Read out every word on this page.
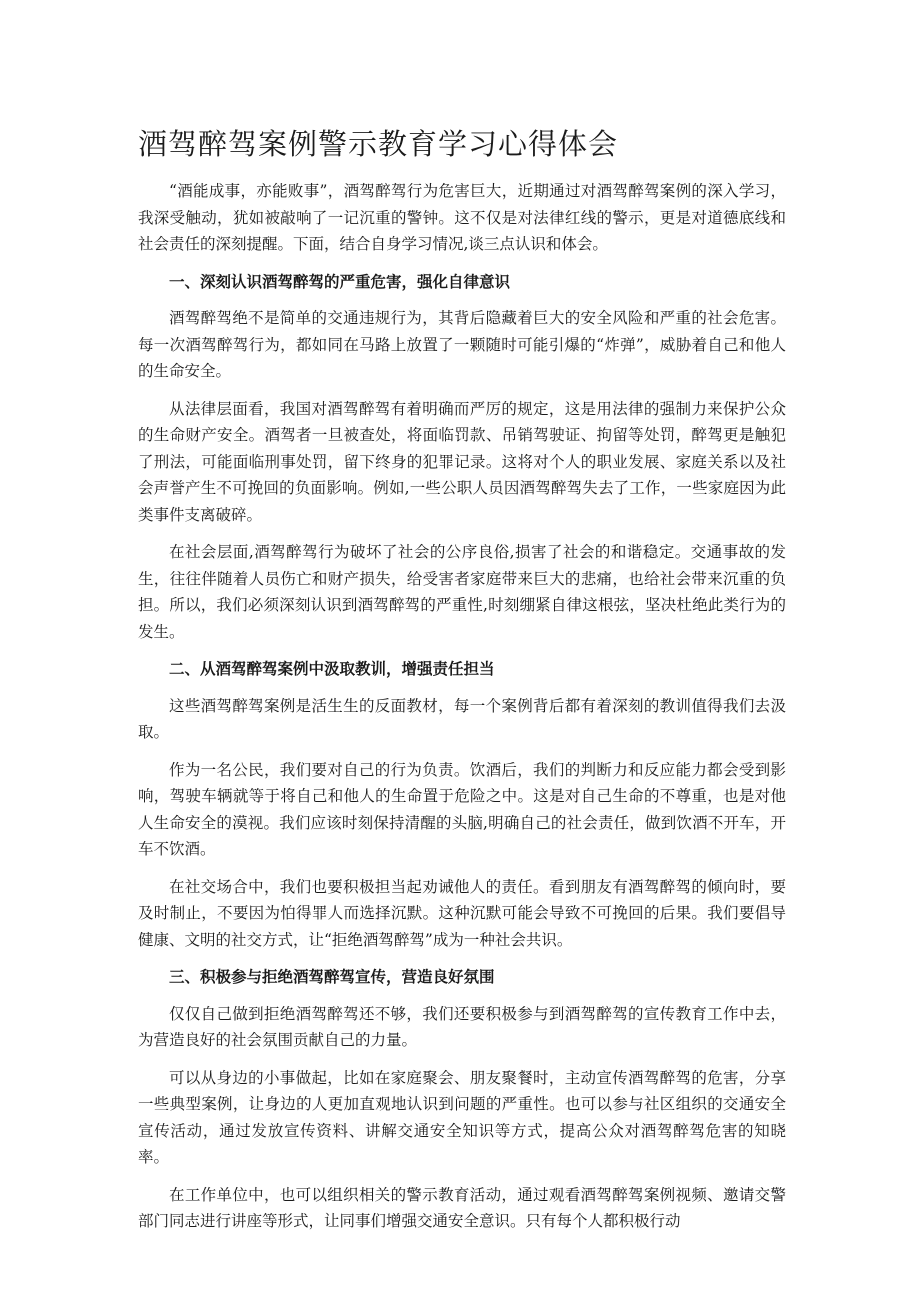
酒驾醉驾案例警示教育学习心得体会

“酒能成事，亦能败事”，酒驾醉驾行为危害巨大，近期通过对酒驾醉驾案例的深入学习，我深受触动，犹如被敲响了一记沉重的警钟。这不仅是对法律红线的警示，更是对道德底线和社会责任的深刻提醒。下面，结合自身学习情况,谈三点认识和体会。

一、深刻认识酒驾醉驾的严重危害，强化自律意识

酒驾醉驾绝不是简单的交通违规行为，其背后隐藏着巨大的安全风险和严重的社会危害。每一次酒驾醉驾行为，都如同在马路上放置了一颗随时可能引爆的“炸弹”，威胁着自己和他人的生命安全。

从法律层面看，我国对酒驾醉驾有着明确而严厉的规定，这是用法律的强制力来保护公众的生命财产安全。酒驾者一旦被查处，将面临罚款、吊销驾驶证、拘留等处罚，醉驾更是触犯了刑法，可能面临刑事处罚，留下终身的犯罪记录。这将对个人的职业发展、家庭关系以及社会声誉产生不可挽回的负面影响。例如,一些公职人员因酒驾醉驾失去了工作，一些家庭因为此类事件支离破碎。

在社会层面,酒驾醉驾行为破坏了社会的公序良俗,损害了社会的和谐稳定。交通事故的发生，往往伴随着人员伤亡和财产损失，给受害者家庭带来巨大的悲痛，也给社会带来沉重的负担。所以，我们必须深刻认识到酒驾醉驾的严重性,时刻绷紧自律这根弦，坚决杜绝此类行为的发生。

二、从酒驾醉驾案例中汲取教训，增强责任担当

这些酒驾醉驾案例是活生生的反面教材，每一个案例背后都有着深刻的教训值得我们去汲取。

作为一名公民，我们要对自己的行为负责。饮酒后，我们的判断力和反应能力都会受到影响，驾驶车辆就等于将自己和他人的生命置于危险之中。这是对自己生命的不尊重，也是对他人生命安全的漠视。我们应该时刻保持清醒的头脑,明确自己的社会责任，做到饮酒不开车，开车不饮酒。

在社交场合中，我们也要积极担当起劝诫他人的责任。看到朋友有酒驾醉驾的倾向时，要及时制止，不要因为怕得罪人而选择沉默。这种沉默可能会导致不可挽回的后果。我们要倡导健康、文明的社交方式，让“拒绝酒驾醉驾”成为一种社会共识。

三、积极参与拒绝酒驾醉驾宣传，营造良好氛围

仅仅自己做到拒绝酒驾醉驾还不够，我们还要积极参与到酒驾醉驾的宣传教育工作中去，为营造良好的社会氛围贡献自己的力量。

可以从身边的小事做起，比如在家庭聚会、朋友聚餐时，主动宣传酒驾醉驾的危害，分享一些典型案例，让身边的人更加直观地认识到问题的严重性。也可以参与社区组织的交通安全宣传活动，通过发放宣传资料、讲解交通安全知识等方式，提高公众对酒驾醉驾危害的知晓率。

在工作单位中，也可以组织相关的警示教育活动，通过观看酒驾醉驾案例视频、邀请交警部门同志进行讲座等形式，让同事们增强交通安全意识。只有每个人都积极行动
